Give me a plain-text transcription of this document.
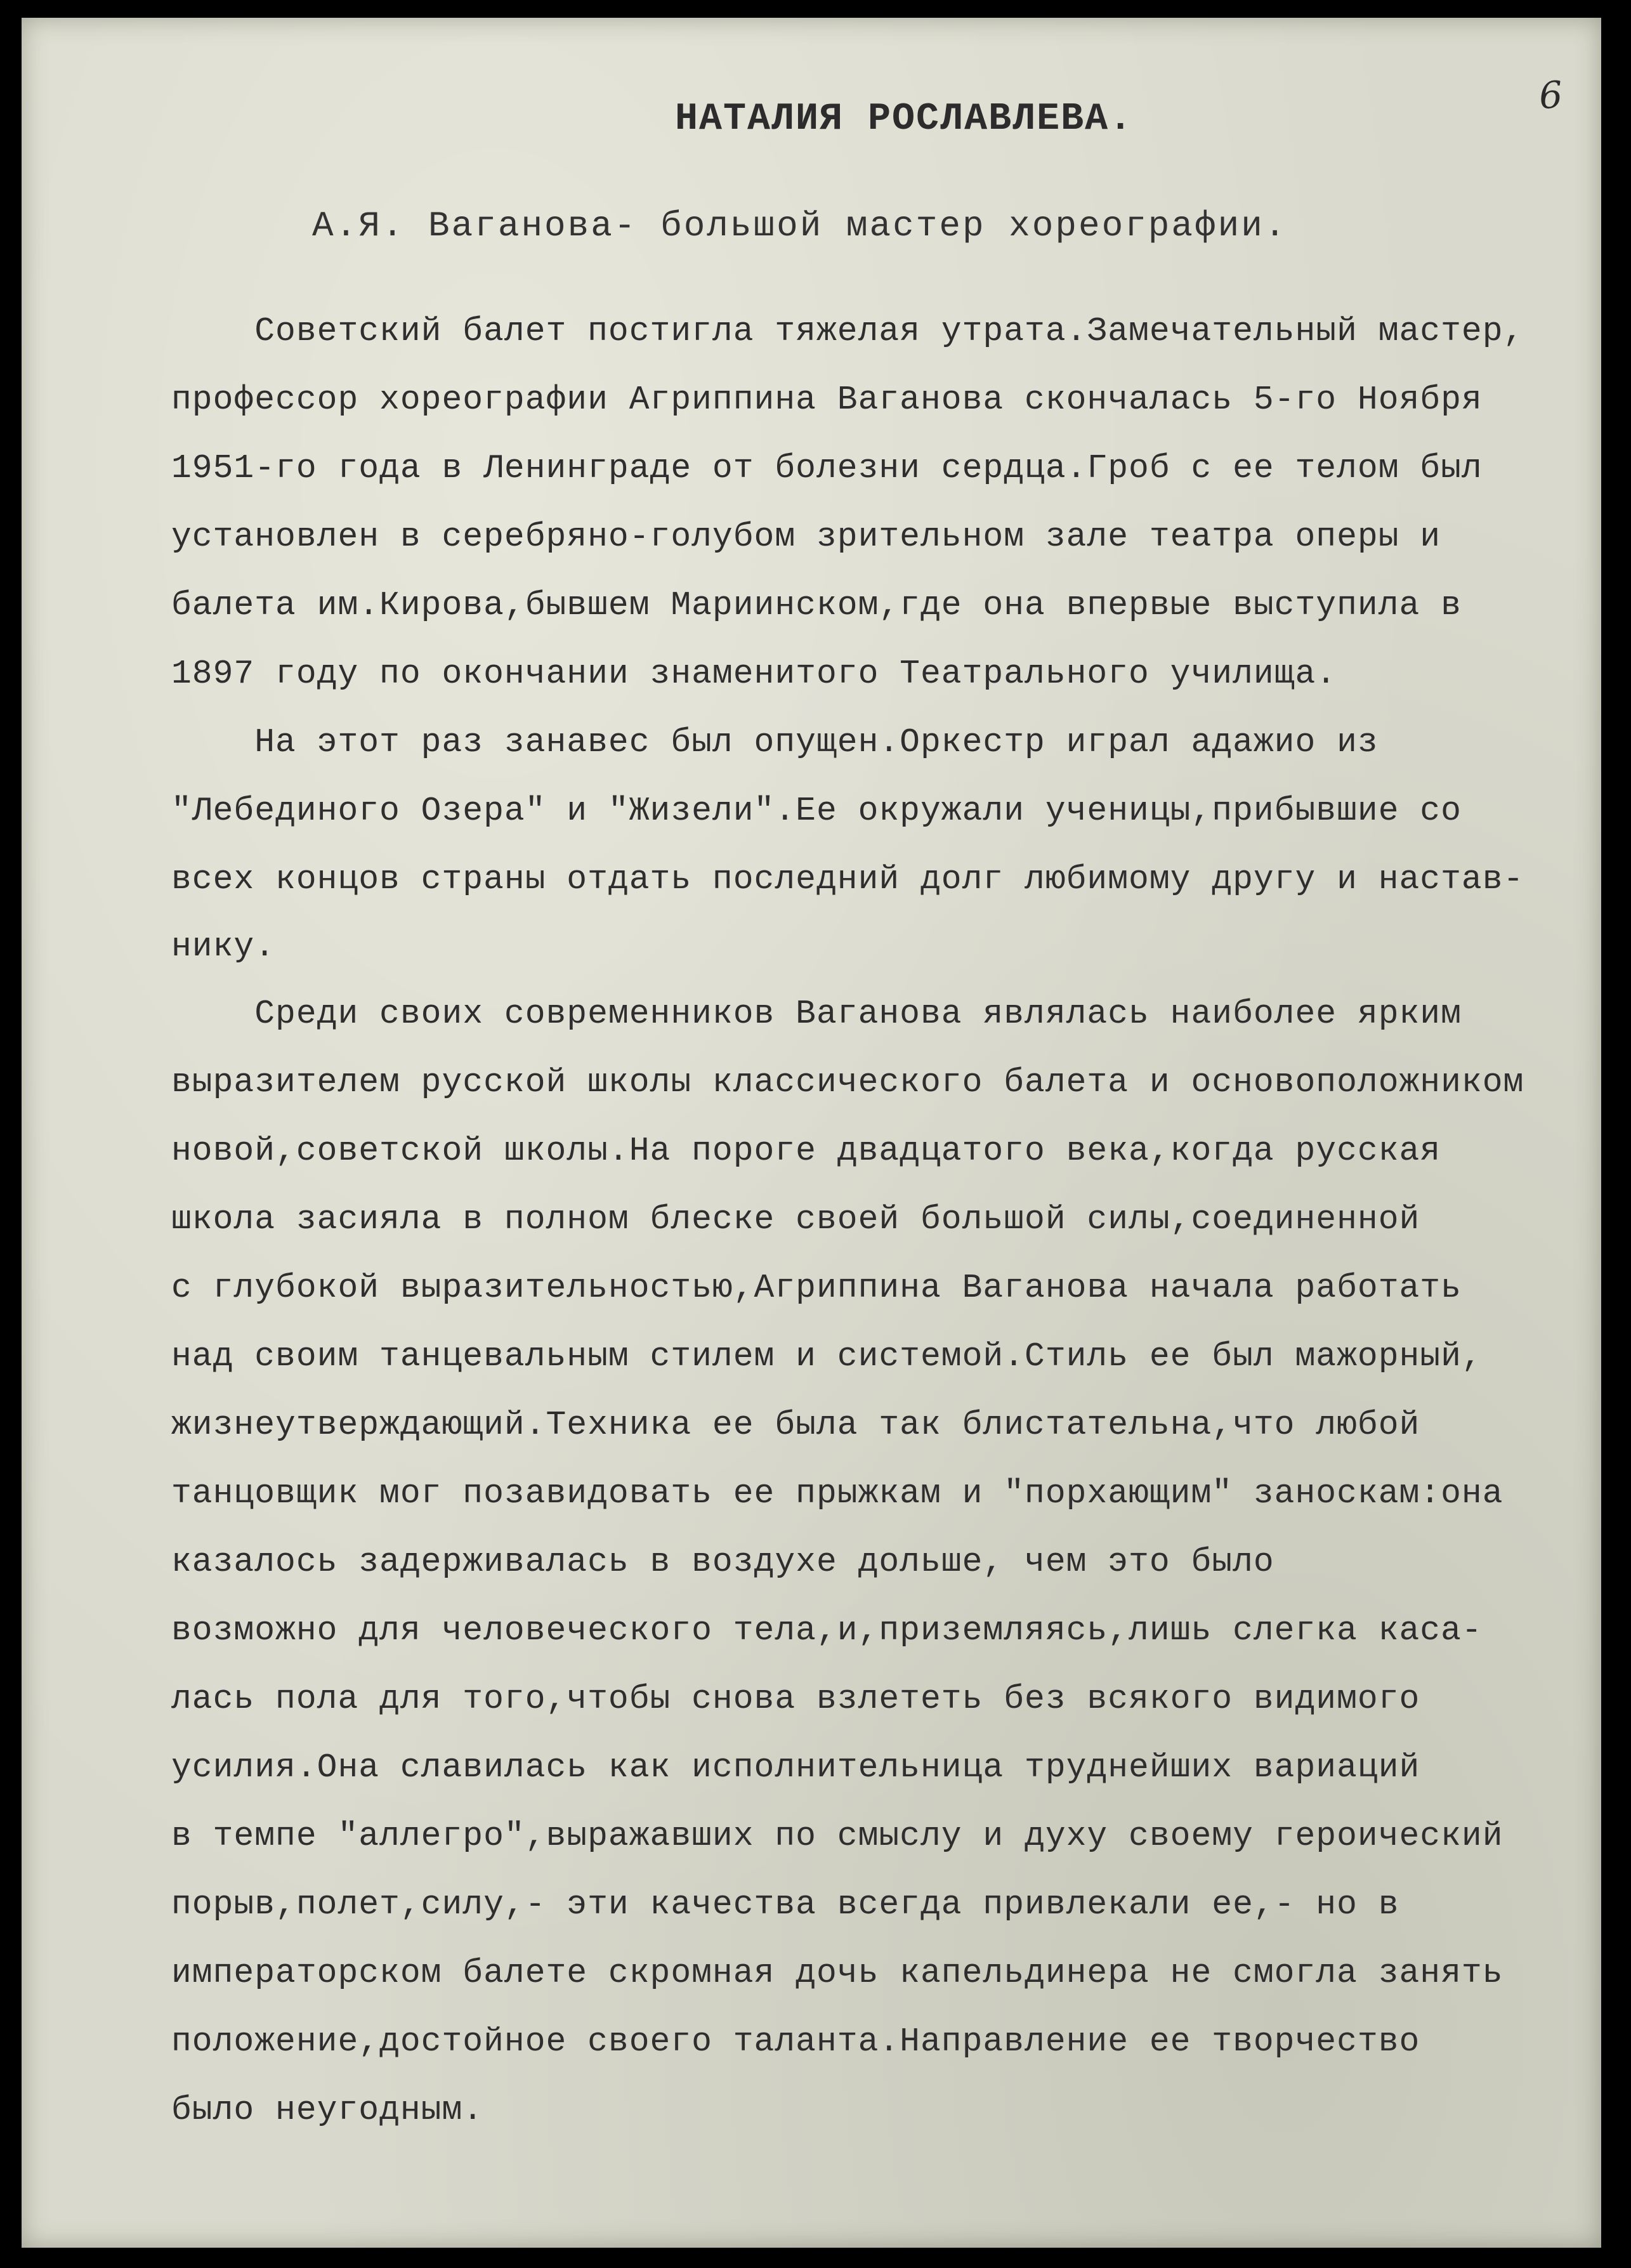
6
НАТАЛИЯ РОСЛАВЛЕВА.
А.Я. Ваганова- большой мастер хореографии.
Советский балет постигла тяжелая утрата.Замечательный мастер,
профессор хореографии Агриппина Ваганова скончалась 5-го Ноября
1951-го года в Ленинграде от болезни сердца.Гроб с ее телом был
установлен в серебряно-голубом зрительном зале театра оперы и
балета им.Кирова,бывшем Мариинском,где она впервые выступила в
1897 году по окончании знаменитого Театрального училища.
На этот раз занавес был опущен.Оркестр играл адажио из
"Лебединого Озера" и "Жизели".Ее окружали ученицы,прибывшие со
всех концов страны отдать последний долг любимому другу и настав-
нику.
Среди своих современников Ваганова являлась наиболее ярким
выразителем русской школы классического балета и основоположником
новой,советской школы.На пороге двадцатого века,когда русская
школа засияла в полном блеске своей большой силы,соединенной
с глубокой выразительностью,Агриппина Ваганова начала работать
над своим танцевальным стилем и системой.Стиль ее был мажорный,
жизнеутверждающий.Техника ее была так блистательна,что любой
танцовщик мог позавидовать ее прыжкам и "порхающим" заноскам:она
казалось задерживалась в воздухе дольше, чем это было
возможно для человеческого тела,и,приземляясь,лишь слегка каса-
лась пола для того,чтобы снова взлететь без всякого видимого
усилия.Она славилась как исполнительница труднейших вариаций
в темпе "аллегро",выражавших по смыслу и духу своему героический
порыв,полет,силу,- эти качества всегда привлекали ее,- но в
императорском балете скромная дочь капельдинера не смогла занять
положение,достойное своего таланта.Направление ее творчество
было неугодным.
